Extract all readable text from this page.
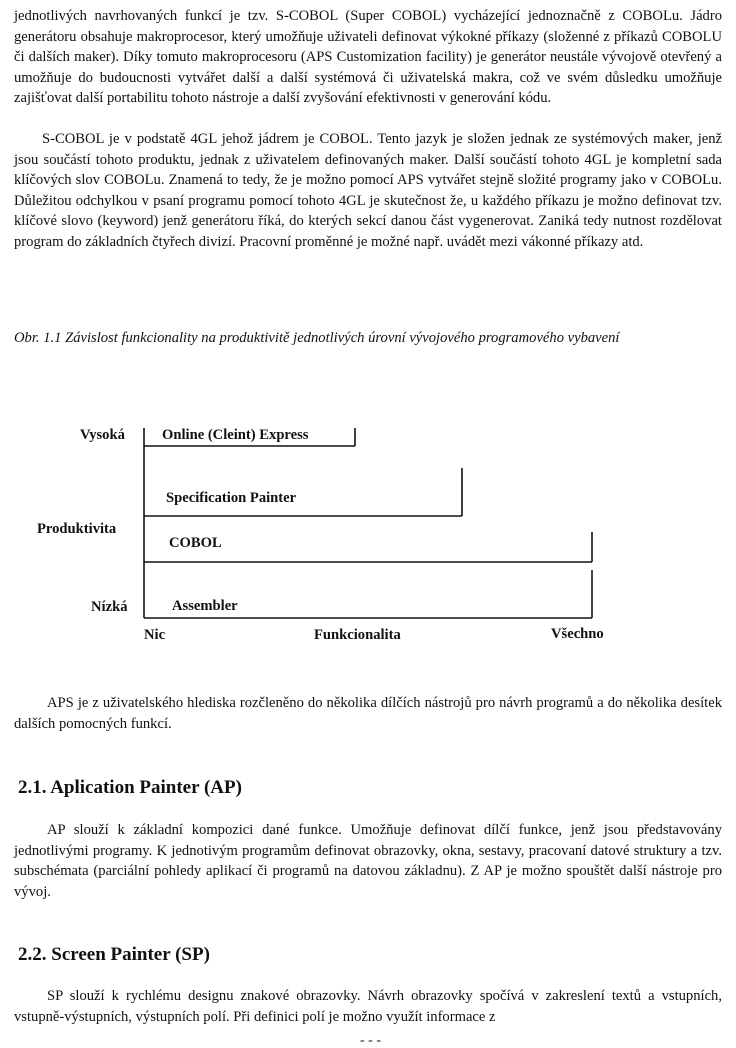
jednotlivých navrhovaných funkcí je tzv. S-COBOL (Super COBOL) vycházející jednoznačně z COBOLu. Jádro generátoru obsahuje makroprocesor, který umožňuje uživateli definovat výkokné příkazy (složenné z příkazů COBOLU či dalších maker). Díky tomuto makroprocesoru (APS Customization facility) je generátor neustále vývojově otevřený a umožňuje do budoucnosti vytvářet další a další systémová či uživatelská makra, což ve svém důsledku umožňuje zajišťovat další portabilitu tohoto nástroje a další zvyšování efektivnosti v generování kódu.

S-COBOL je v podstatě 4GL jehož jádrem je COBOL. Tento jazyk je složen jednak ze systémových maker, jenž jsou součástí tohoto produktu, jednak z uživatelem definovaných maker. Další součástí tohoto 4GL je kompletní sada klíčových slov COBOLu. Znamená to tedy, že je možno pomocí APS vytvářet stejně složité programy jako v COBOLu. Důležitou odchylkou v psaní programu pomocí tohoto 4GL je skutečnost že, u každého příkazu je možno definovat tzv. klíčové slovo (keyword) jenž generátoru říká, do kterých sekcí danou část vygenerovat. Zaniká tedy nutnost rozdělovat program do základních čtyřech divizí. Pracovní proměnné je možné např. uvádět mezi vákonné příkazy atd.

Obr. 1.1 Závislost funkcionality na produktivitě jednotlivých úrovní vývojového programového vybavení

Vysoká
Produktivita
Nízká
Online (Cleint) Express
Specification Painter
COBOL
Assembler
Nic	Funkcionalita	Všechno

APS je z uživatelského hlediska rozčleněno do několika dílčích nástrojů pro návrh programů a do několika desítek dalších pomocných funkcí.

2.1. Aplication Painter (AP)

AP slouží k základní kompozici dané funkce. Umožňuje definovat dílčí funkce, jenž jsou představovány jednotlivými programy. K jednotivým programům definovat obrazovky, okna, sestavy, pracovaní datové struktury a tzv. subschémata (parciální pohledy aplikací či programů na datovou základnu). Z AP je možno spouštět další nástroje pro vývoj.

2.2. Screen Painter (SP)

SP slouží k rychlému designu znakové obrazovky. Návrh obrazovky spočívá v zakreslení textů a vstupních, vstupně-výstupních, výstupních polí. Při definici polí je možno využít informace z

- - -
